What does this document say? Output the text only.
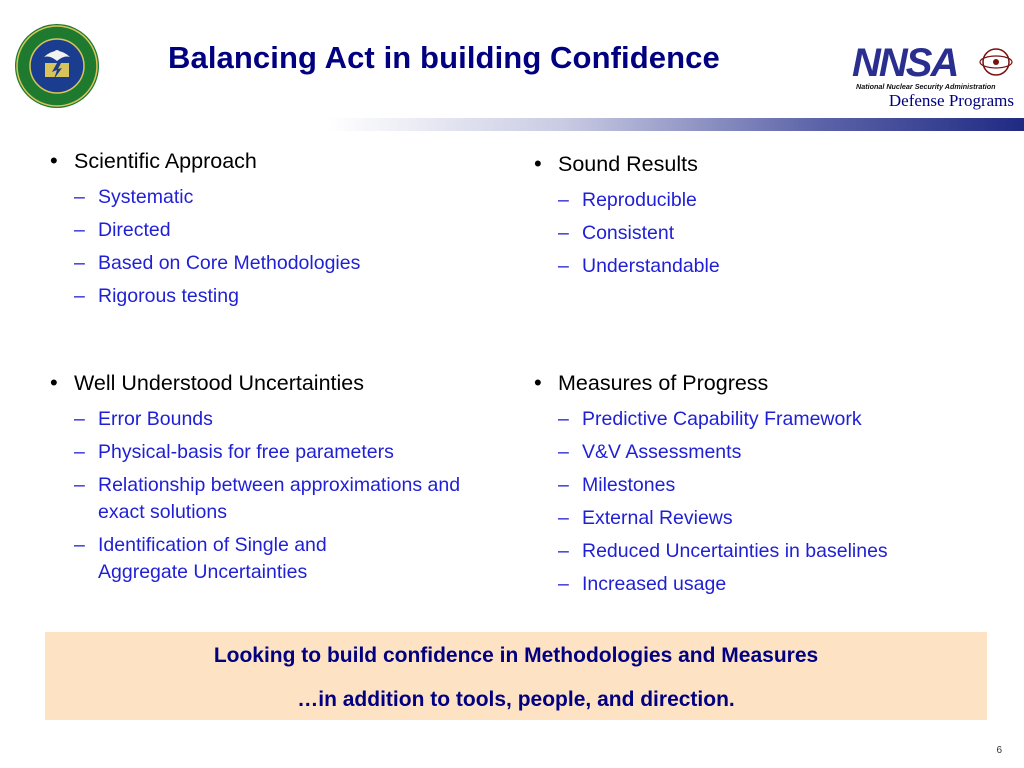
Balancing Act in building Confidence	NNSA
National Nuclear Security Administration
Defense Programs
• Scientific Approach
– Systematic
– Directed
– Based on Core Methodologies
– Rigorous testing
• Well Understood Uncertainties
– Error Bounds
– Physical-basis for free parameters
– Relationship between approximations and exact solutions
– Identification of Single and Aggregate Uncertainties
• Sound Results
– Reproducible
– Consistent
– Understandable
• Measures of Progress
– Predictive Capability Framework
– V&V Assessments
– Milestones
– External Reviews
– Reduced Uncertainties in baselines
– Increased usage
Looking to build confidence in Methodologies and Measures
…in addition to tools, people, and direction.
6
